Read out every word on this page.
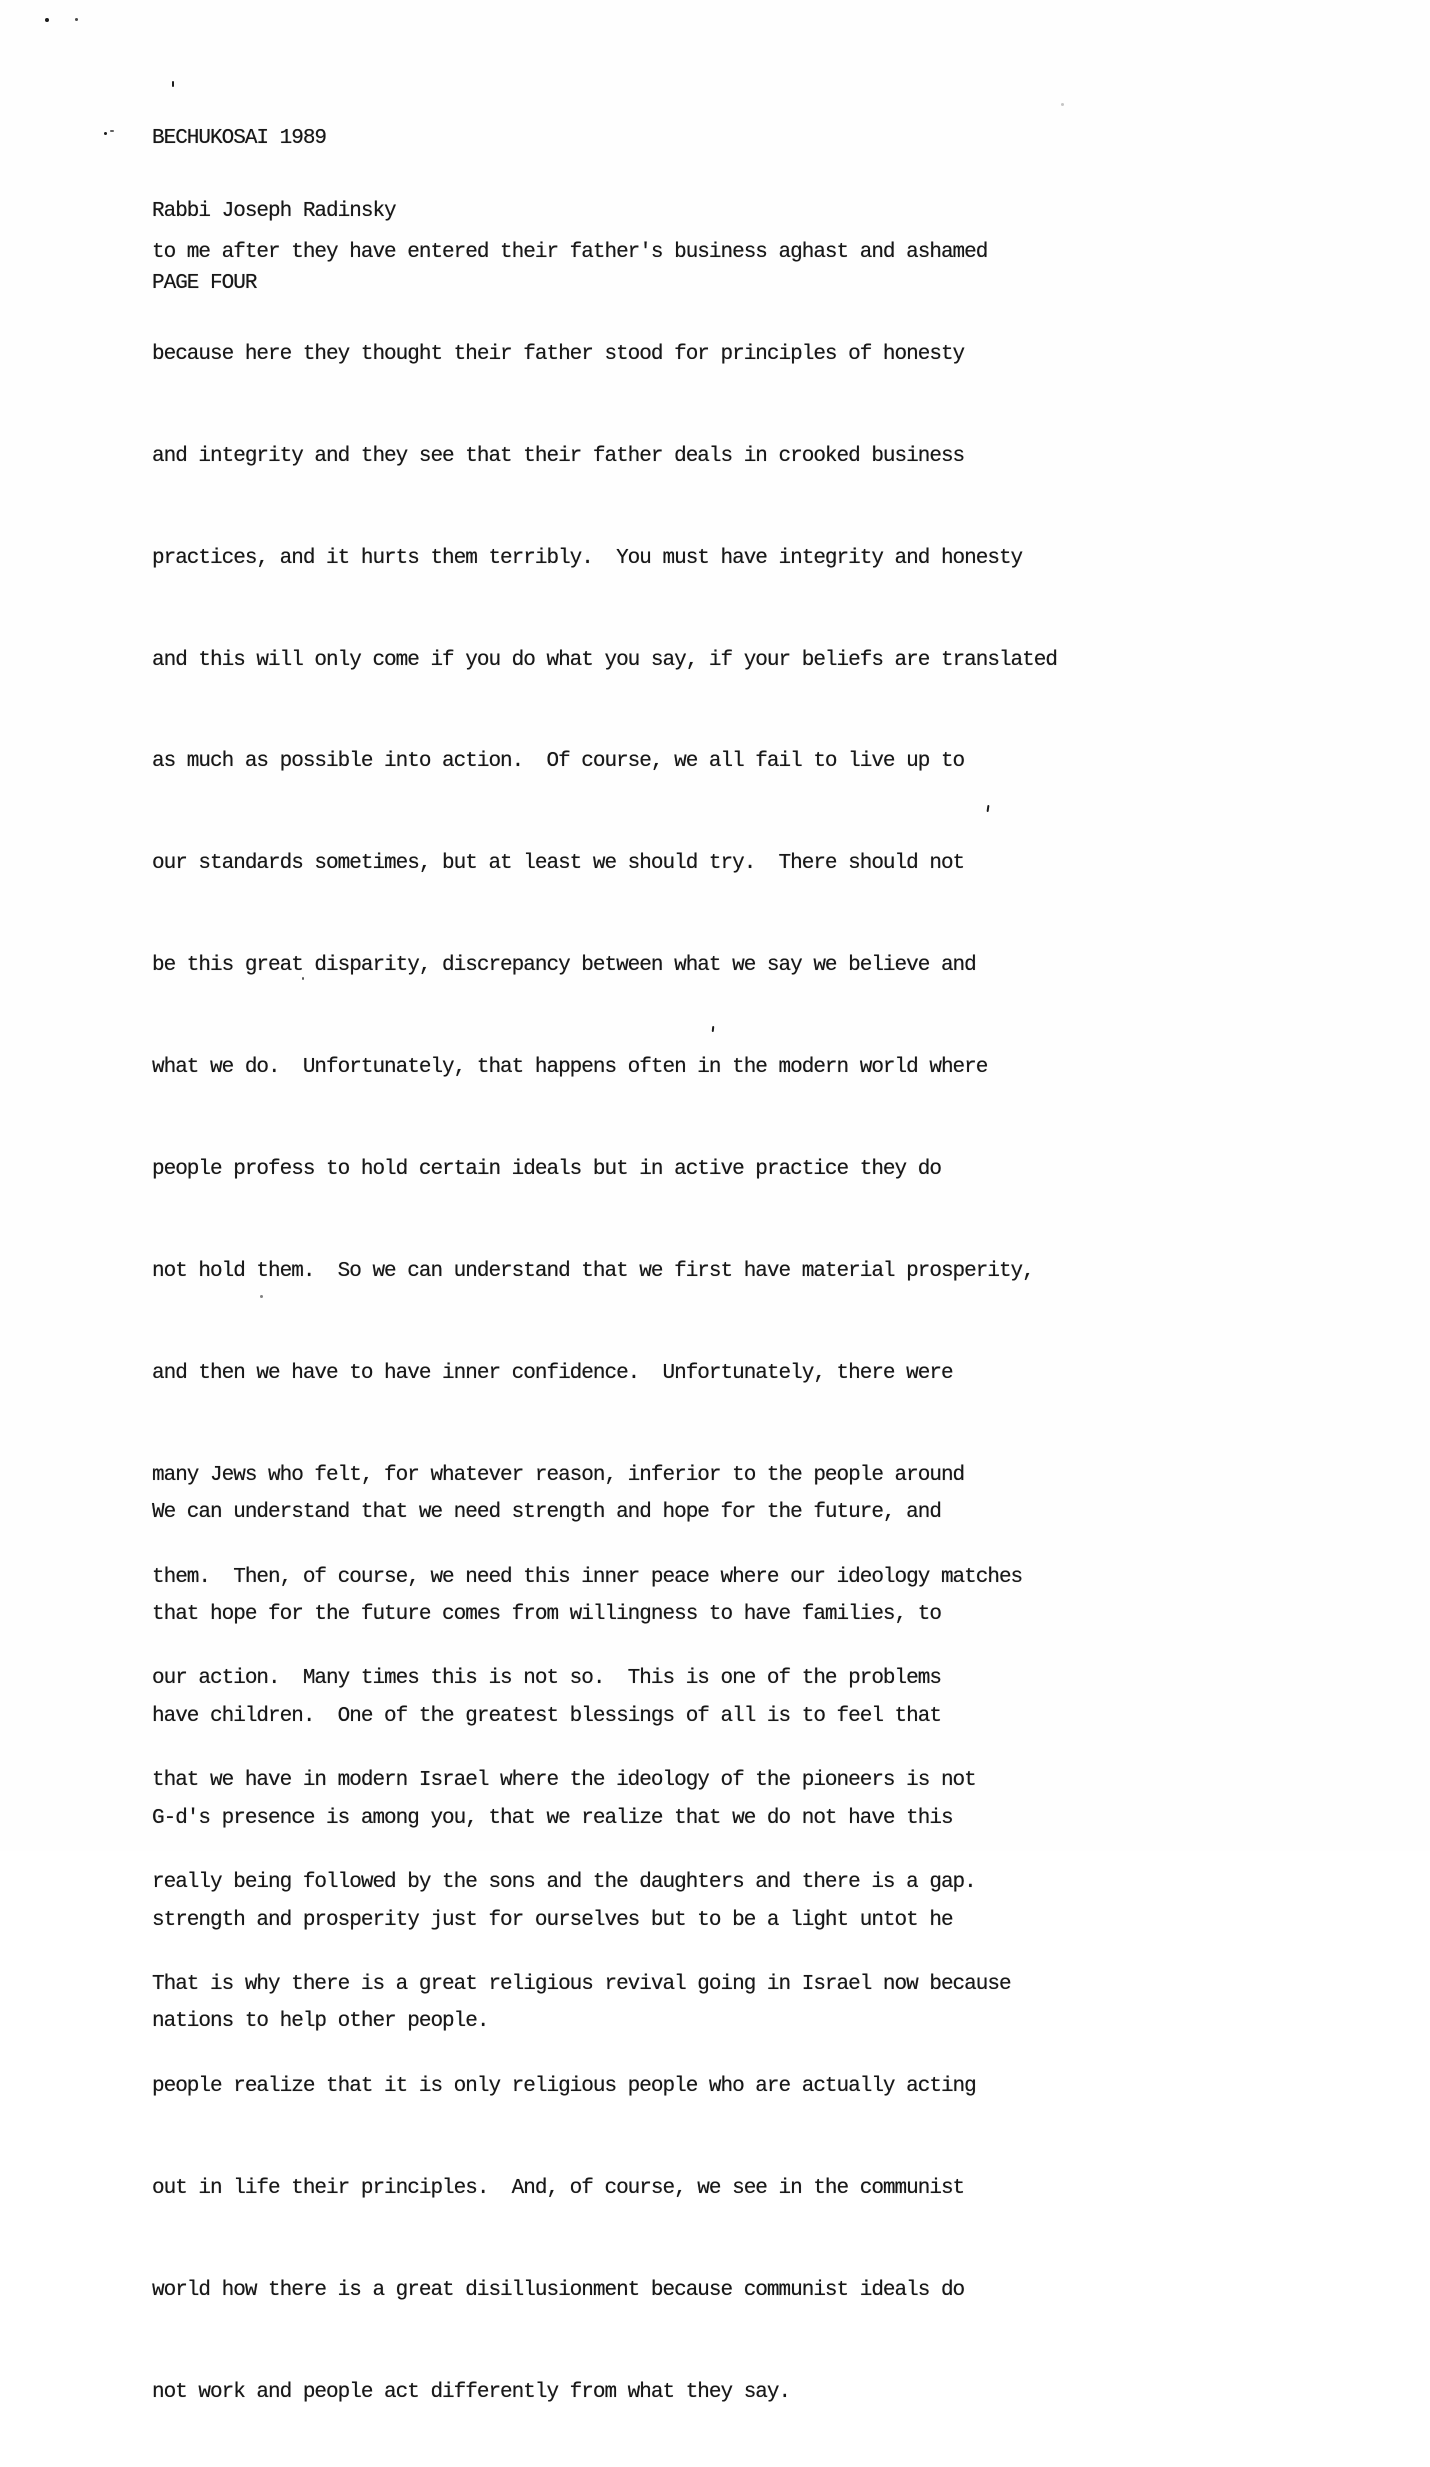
BECHUKOSAI 1989

Rabbi Joseph Radinsky

PAGE FOUR

to me after they have entered their father's business aghast and ashamed

because here they thought their father stood for principles of honesty

and integrity and they see that their father deals in crooked business

practices, and it hurts them terribly.  You must have integrity and honesty

and this will only come if you do what you say, if your beliefs are translated

as much as possible into action.  Of course, we all fail to live up to

our standards sometimes, but at least we should try.  There should not

be this great disparity, discrepancy between what we say we believe and

what we do.  Unfortunately, that happens often in the modern world where

people profess to hold certain ideals but in active practice they do

not hold them.  So we can understand that we first have material prosperity,

and then we have to have inner confidence.  Unfortunately, there were

many Jews who felt, for whatever reason, inferior to the people around

them.  Then, of course, we need this inner peace where our ideology matches

our action.  Many times this is not so.  This is one of the problems

that we have in modern Israel where the ideology of the pioneers is not

really being followed by the sons and the daughters and there is a gap.

That is why there is a great religious revival going in Israel now because

people realize that it is only religious people who are actually acting

out in life their principles.  And, of course, we see in the communist

world how there is a great disillusionment because communist ideals do

not work and people act differently from what they say.

We can understand that we need strength and hope for the future, and

that hope for the future comes from willingness to have families, to

have children.  One of the greatest blessings of all is to feel that

G-d's presence is among you, that we realize that we do not have this

strength and prosperity just for ourselves but to be a light untot he

nations to help other people.
